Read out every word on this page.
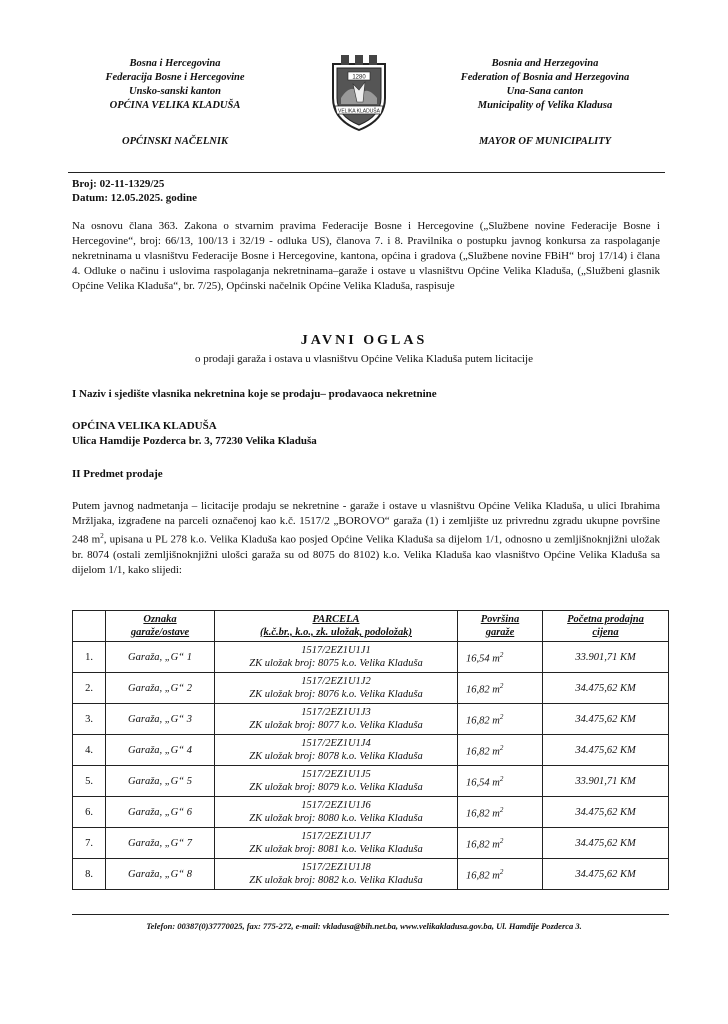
Bosna i Hercegovina
Federacija Bosne i Hercegovine
Unsko-sanski kanton
OPĆINA VELIKA KLADUŠA
OPĆINSKI NAČELNIK
1280
VELIKA KLADUŠA
Bosnia and Herzegovina
Federation of Bosnia and Herzegovina
Una-Sana canton
Municipality of Velika Kladusa
MAYOR OF MUNICIPALITY
Broj: 02-11-1329/25
Datum: 12.05.2025. godine
Na osnovu člana 363. Zakona o stvarnim pravima Federacije Bosne i Hercegovine („Službene novine Federacije Bosne i Hercegovine“, broj: 66/13, 100/13 i 32/19 - odluka US), članova 7. i 8. Pravilnika o postupku javnog konkursa za raspolaganje nekretninama u vlasništvu Federacije Bosne i Hercegovine, kantona, općina i gradova („Službene novine FBiH“ broj 17/14) i člana 4. Odluke o načinu i uslovima raspolaganja nekretninama–garaže i ostave u vlasništvu Općine Velika Kladuša, („Službeni glasnik Općine Velika Kladuša“, br. 7/25), Općinski načelnik Općine Velika Kladuša, raspisuje
JAVNI OGLAS
o prodaji garaža i ostava u vlasništvu Općine Velika Kladuša putem licitacije
I Naziv i sjedište vlasnika nekretnina koje se prodaju– prodavaoca nekretnine
OPĆINA VELIKA KLADUŠA
Ulica Hamdije Pozderca br. 3, 77230 Velika Kladuša
II Predmet prodaje
Putem javnog nadmetanja – licitacije prodaju se nekretnine - garaže i ostave u vlasništvu Općine Velika Kladuša, u ulici Ibrahima Mržljaka, izgrađene na parceli označenoj kao k.č. 1517/2 „BOROVO“ garaža (1) i zemljište uz privrednu zgradu ukupne površine 248 $m^2$, upisana u PL 278 k.o. Velika Kladuša kao posjed Općine Velika Kladuša sa dijelom 1/1, odnosno u zemljišnoknjižni uložak br. 8074 (ostali zemljišnoknjižni ulošci garaža su od 8075 do 8102) k.o. Velika Kladuša kao vlasništvo Općine Velika Kladuša sa dijelom 1/1, kako slijedi:
	Oznaka
garaže/ostave	PARCELA
(k.č.br., k.o., zk. uložak, podoložak)	Površina
garaže	Početna prodajna
cijena
1.	Garaža, „G“ 1	1517/2EZ1U1J1
ZK uložak broj: 8075 k.o. Velika Kladuša	16,54 $m^2$	33.901,71 KM
2.	Garaža, „G“ 2	1517/2EZ1U1J2
ZK uložak broj: 8076 k.o. Velika Kladuša	16,82 $m^2$	34.475,62 KM
3.	Garaža, „G“ 3	1517/2EZ1U1J3
ZK uložak broj: 8077 k.o. Velika Kladuša	16,82 $m^2$	34.475,62 KM
4.	Garaža, „G“ 4	1517/2EZ1U1J4
ZK uložak broj: 8078 k.o. Velika Kladuša	16,82 $m^2$	34.475,62 KM
5.	Garaža, „G“ 5	1517/2EZ1U1J5
ZK uložak broj: 8079 k.o. Velika Kladuša	16,54 $m^2$	33.901,71 KM
6.	Garaža, „G“ 6	1517/2EZ1U1J6
ZK uložak broj: 8080 k.o. Velika Kladuša	16,82 $m^2$	34.475,62 KM
7.	Garaža, „G“ 7	1517/2EZ1U1J7
ZK uložak broj: 8081 k.o. Velika Kladuša	16,82 $m^2$	34.475,62 KM
8.	Garaža, „G“ 8	1517/2EZ1U1J8
ZK uložak broj: 8082 k.o. Velika Kladuša	16,82 $m^2$	34.475,62 KM
Telefon: 00387(0)37770025, fax: 775-272, e-mail: vkladusa@bih.net.ba, www.velikakladusa.gov.ba, Ul. Hamdije Pozderca 3.
